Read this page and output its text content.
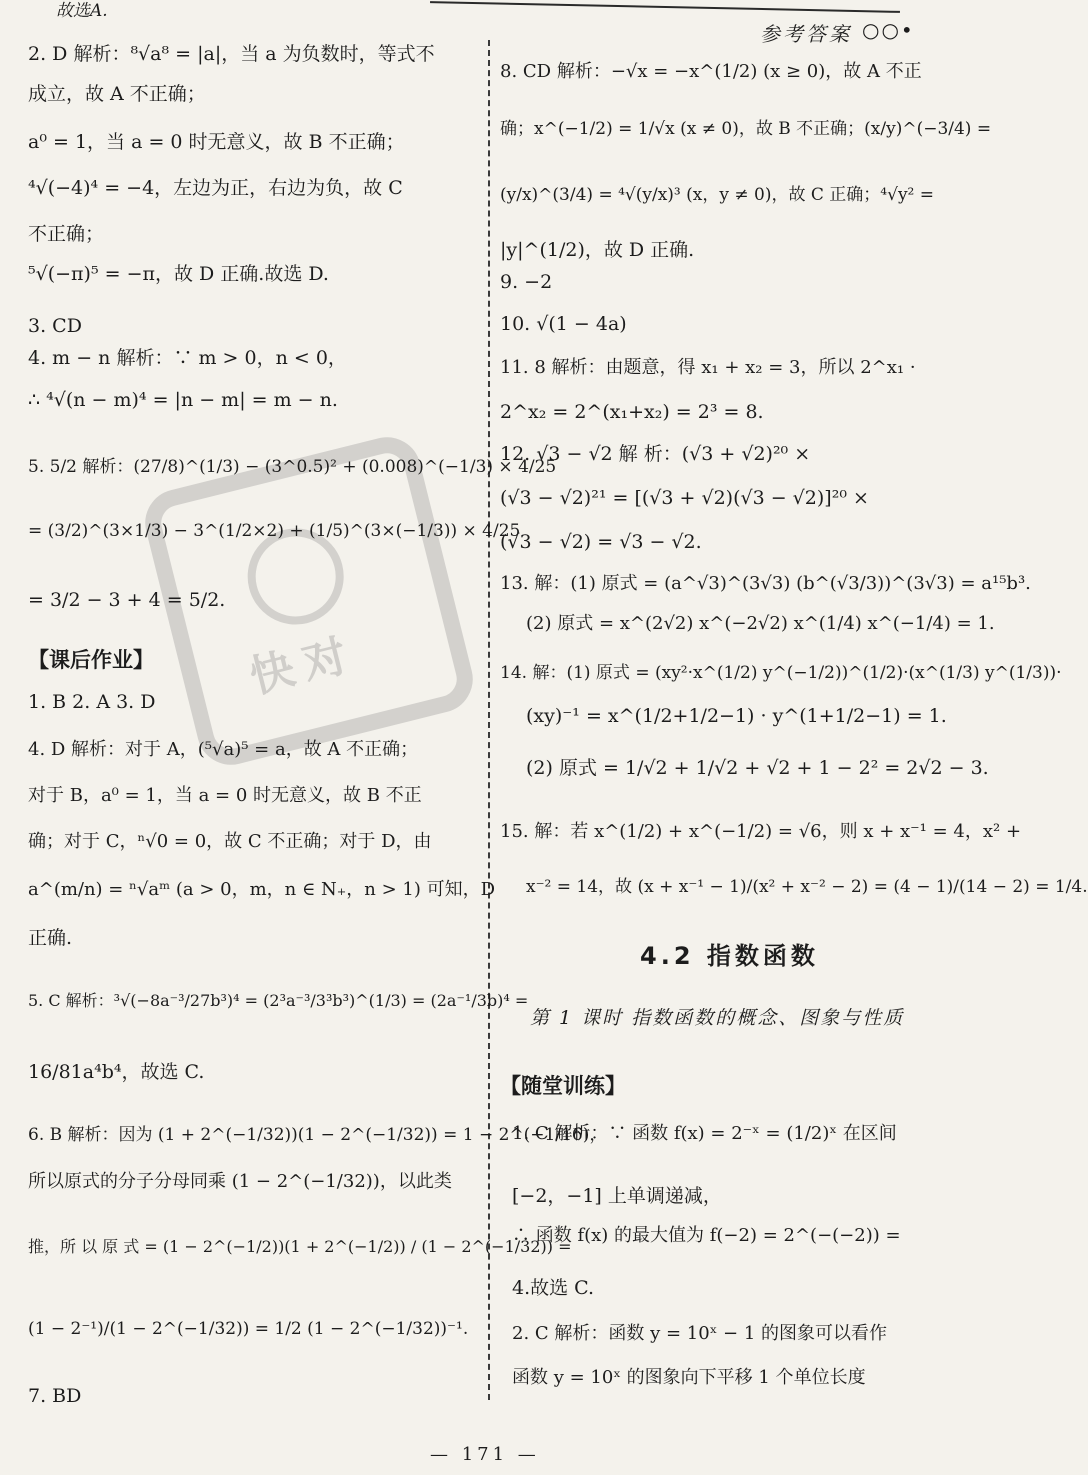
参考答案 ○○•
快对
故选A.
2. D 解析：⁸√a⁸ = |a|，当 a 为负数时，等式不
成立，故 A 不正确；
a⁰ = 1，当 a = 0 时无意义，故 B 不正确；
⁴√(−4)⁴ = −4，左边为正，右边为负，故 C
不正确；
⁵√(−π)⁵ = −π，故 D 正确.故选 D.
3. CD
4. m − n 解析：∵ m > 0，n < 0，
∴ ⁴√(n − m)⁴ = |n − m| = m − n.
5. 5/2 解析：(27/8)^(1/3) − (3^0.5)² + (0.008)^(−1/3) × 4/25
= (3/2)^(3×1/3) − 3^(1/2×2) + (1/5)^(3×(−1/3)) × 4/25
= 3/2 − 3 + 4 = 5/2.
【课后作业】
1. B 2. A 3. D
4. D 解析：对于 A，(⁵√a)⁵ = a，故 A 不正确；
对于 B，a⁰ = 1，当 a = 0 时无意义，故 B 不正
确；对于 C，ⁿ√0 = 0，故 C 不正确；对于 D，由
a^(m/n) = ⁿ√aᵐ (a > 0，m，n ∈ N₊，n > 1) 可知，D
正确.
5. C 解析：³√(−8a⁻³/27b³)⁴ = (2³a⁻³/3³b³)^(1/3) = (2a⁻¹/3b)⁴ =
16/81a⁴b⁴，故选 C.
6. B 解析：因为 (1 + 2^(−1/32))(1 − 2^(−1/32)) = 1 − 2^(−1/16)，
所以原式的分子分母同乘 (1 − 2^(−1/32))，以此类
推，所 以 原 式 = (1 − 2^(−1/2))(1 + 2^(−1/2)) / (1 − 2^(−1/32)) =
(1 − 2⁻¹)/(1 − 2^(−1/32)) = 1/2 (1 − 2^(−1/32))⁻¹.
7. BD
8. CD 解析：−√x = −x^(1/2) (x ≥ 0)，故 A 不正
确；x^(−1/2) = 1/√x (x ≠ 0)，故 B 不正确；(x/y)^(−3/4) =
(y/x)^(3/4) = ⁴√(y/x)³ (x，y ≠ 0)，故 C 正确；⁴√y² =
|y|^(1/2)，故 D 正确.
9. −2
10. √(1 − 4a)
11. 8 解析：由题意，得 x₁ + x₂ = 3，所以 2^x₁ ·
2^x₂ = 2^(x₁+x₂) = 2³ = 8.
12. √3 − √2 解 析：(√3 + √2)²⁰ ×
(√3 − √2)²¹ = [(√3 + √2)(√3 − √2)]²⁰ ×
(√3 − √2) = √3 − √2.
13. 解：(1) 原式 = (a^√3)^(3√3) (b^(√3/3))^(3√3) = a¹⁵b³.
(2) 原式 = x^(2√2) x^(−2√2) x^(1/4) x^(−1/4) = 1.
14. 解：(1) 原式 = (xy²·x^(1/2) y^(−1/2))^(1/2)·(x^(1/3) y^(1/3))·
(xy)⁻¹ = x^(1/2+1/2−1) · y^(1+1/2−1) = 1.
(2) 原式 = 1/√2 + 1/√2 + √2 + 1 − 2² = 2√2 − 3.
15. 解：若 x^(1/2) + x^(−1/2) = √6，则 x + x⁻¹ = 4，x² +
x⁻² = 14，故 (x + x⁻¹ − 1)/(x² + x⁻² − 2) = (4 − 1)/(14 − 2) = 1/4.
4.2 指数函数
第 1 课时 指数函数的概念、图象与性质
【随堂训练】
1. C 解析：∵ 函数 f(x) = 2⁻ˣ = (1/2)ˣ 在区间
[−2，−1] 上单调递减，
∴ 函数 f(x) 的最大值为 f(−2) = 2^(−(−2)) =
4.故选 C.
2. C 解析：函数 y = 10ˣ − 1 的图象可以看作
函数 y = 10ˣ 的图象向下平移 1 个单位长度
— 171 —
